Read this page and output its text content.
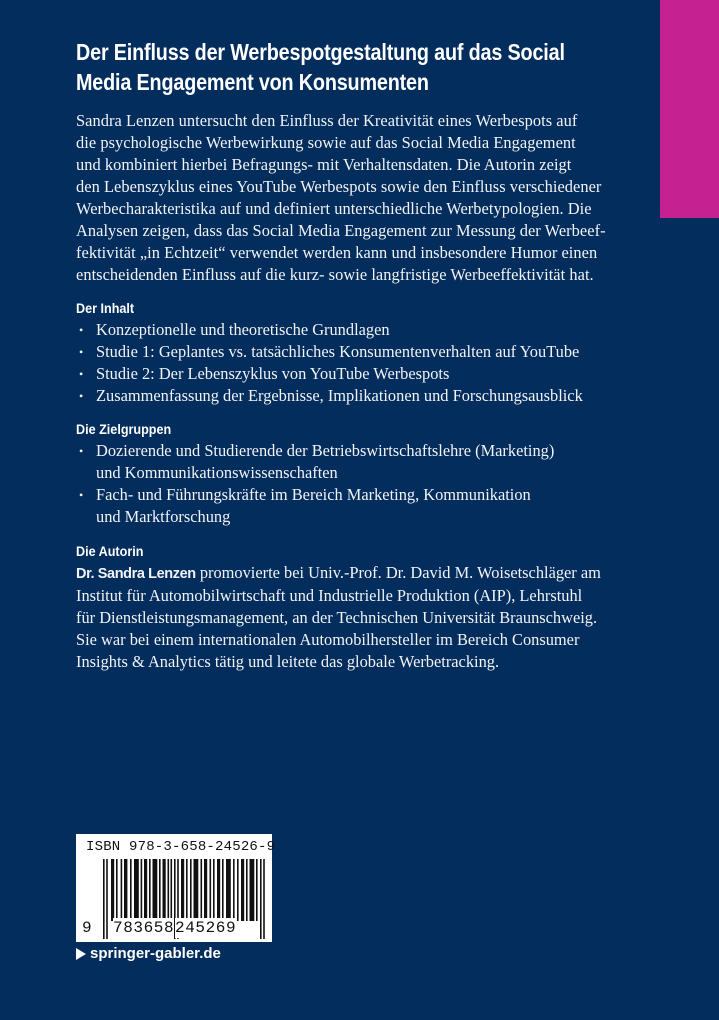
Der Einfluss der Werbespotgestaltung auf das Social
Media Engagement von Konsumenten
Sandra Lenzen untersucht den Einfluss der Kreativität eines Werbespots auf
die psychologische Werbewirkung sowie auf das Social Media Engagement
und kombiniert hierbei Befragungs- mit Verhaltensdaten. Die Autorin zeigt
den Lebenszyklus eines YouTube Werbespots sowie den Einfluss verschiedener
Werbecharakteristika auf und definiert unterschiedliche Werbetypologien. Die
Analysen zeigen, dass das Social Media Engagement zur Messung der Werbeef-
fektivität „in Echtzeit“ verwendet werden kann und insbesondere Humor einen
entscheidenden Einfluss auf die kurz- sowie langfristige Werbeeffektivität hat.
Der Inhalt
• Konzeptionelle und theoretische Grundlagen
• Studie 1: Geplantes vs. tatsächliches Konsumentenverhalten auf YouTube
• Studie 2: Der Lebenszyklus von YouTube Werbespots
• Zusammenfassung der Ergebnisse, Implikationen und Forschungsausblick
Die Zielgruppen
• Dozierende und Studierende der Betriebswirtschaftslehre (Marketing)
und Kommunikationswissenschaften
• Fach- und Führungskräfte im Bereich Marketing, Kommunikation
und Marktforschung
Die Autorin
Dr. Sandra Lenzen promovierte bei Univ.-Prof. Dr. David M. Woisetschläger am
Institut für Automobilwirtschaft und Industrielle Produktion (AIP), Lehrstuhl
für Dienstleistungsmanagement, an der Technischen Universität Braunschweig.
Sie war bei einem internationalen Automobilhersteller im Bereich Consumer
Insights & Analytics tätig und leitete das globale Werbetracking.
ISBN 978-3-658-24526-9
9 783658 245269
springer-gabler.de
